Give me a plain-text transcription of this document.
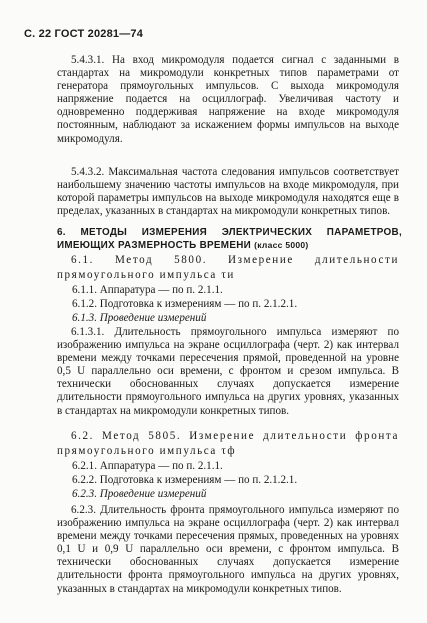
С. 22 ГОСТ 20281—74

5.4.3.1. На вход микромодуля подается сигнал с заданными в стандартах на микромодули конкретных типов параметрами от генератора прямоугольных импульсов. С выхода микромодуля напряжение подается на осциллограф. Увеличивая частоту и одновременно поддерживая напряжение на входе микромодуля постоянным, наблюдают за искажением формы импульсов на выходе микромодуля.

5.4.3.2. Максимальная частота следования импульсов соответствует наибольшему значению частоты импульсов на входе микромодуля, при которой параметры импульсов на выходе микромодуля находятся еще в пределах, указанных в стандартах на микромодули конкретных типов.

6. МЕТОДЫ ИЗМЕРЕНИЯ ЭЛЕКТРИЧЕСКИХ ПАРАМЕТРОВ, ИМЕЮЩИХ РАЗМЕРНОСТЬ ВРЕМЕНИ (класс 5000)

6.1. Метод 5800. Измерение длительности прямоугольного импульса τи

6.1.1. Аппаратура — по п. 2.1.1.
6.1.2. Подготовка к измерениям — по п. 2.1.2.1.
6.1.3. Проведение измерений

6.1.3.1. Длительность прямоугольного импульса измеряют по изображению импульса на экране осциллографа (черт. 2) как интервал времени между точками пересечения прямой, проведенной на уровне 0,5 U параллельно оси времени, с фронтом и срезом импульса. В технически обоснованных случаях допускается измерение длительности прямоугольного импульса на других уровнях, указанных в стандартах на микромодули конкретных типов.

6.2. Метод 5805. Измерение длительности фронта прямоугольного импульса τф

6.2.1. Аппаратура — по п. 2.1.1.
6.2.2. Подготовка к измерениям — по п. 2.1.2.1.
6.2.3. Проведение измерений

6.2.3. Длительность фронта прямоугольного импульса измеряют по изображению импульса на экране осциллографа (черт. 2) как интервал времени между точками пересечения прямых, проведенных на уровнях 0,1 U и 0,9 U параллельно оси времени, с фронтом импульса. В технически обоснованных случаях допускается измерение длительности фронта прямоугольного импульса на других уровнях, указанных в стандартах на микромодули конкретных типов.
